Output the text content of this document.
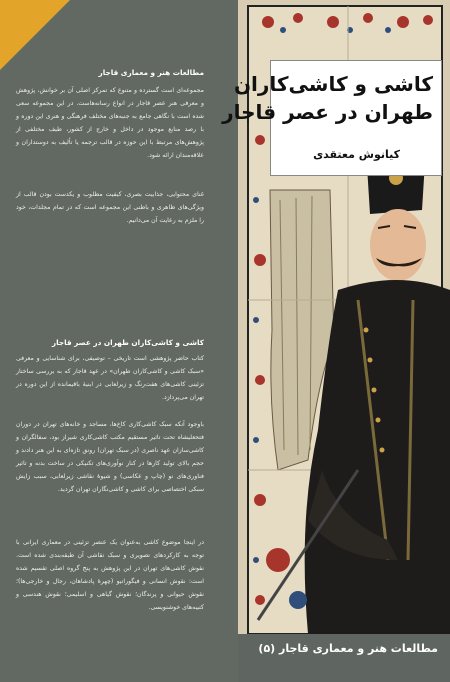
مطالعات هنر و معماری قاجار

مجموعه‌ای است گسترده و متنوع که تمرکز اصلی آن بر خوانش، پژوهش و معرفی هنر عصر قاجار در انواع رسانه‌هاست. در این مجموعه سعی شده است با نگاهی جامع به جنبه‌های مختلف فرهنگی و هنری این دوره و با رصد منابع موجود در داخل و خارج از کشور، طیف مختلفی از پژوهش‌های مرتبط با این حوزه در قالب ترجمه یا تألیف به دوستداران و علاقه‌مندان ارائه شود.

غنای محتوایی، جذابیت بصری، کیفیت مطلوب و یکدست بودن قالب از ویژگی‌های ظاهری و باطنی این مجموعه است که در تمام مجلدات، خود را ملزم به رعایت آن می‌دانیم.

کاشی و کاشی‌کاران طهران در عصر قاجار

کتاب حاضر پژوهشی است تاریخی – توصیفی، برای شناسایی و معرفی «سبک کاشی و کاشی‌کاران طهران» در عهد قاجار که به بررسی ساختار تزئینی کاشی‌های هفت‌رنگ و زیرلعابی در ابنیهٔ باقیمانده از این دوره در تهران می‌پردازد.

باوجود آنکه سبک کاشی‌کاری کاخ‌ها، مساجد و خانه‌های تهران در دوران فتحعلیشاه تحت تاثیر مستقیم مکتب کاشی‌کاری شیراز بود، سفالگران و کاشی‌سازان عهد ناصری (در سبک تهران) رونق تازه‌ای به این هنر دادند و حجم بالای تولید کار‌ها در کنار نوآوری‌های تکنیکی در ساخت بدنه و تاثیر فناوری‌های نو (چاپ و عکاسی) و شیوهٔ نقاشی زیرلعابی، سبب زایش سبکی اختصاصی برای کاشی و کاشی‌نگاران تهران گردید.

در اینجا موضوع کاشی به‌عنوان یک عنصر تزئینی در معماری ایرانی با توجه به کارکردهای تصویری و سبک نقاشی آن طبقه‌بندی شده است. نقوش کاشی‌های تهران در این پژوهش به پنج گروه اصلی تقسیم شده است: نقوش انسانی و فیگوراتیو (چهرهٔ پادشاهان، رجال و خارجی‌ها)؛ نقوش حیوانی و پرندگان؛ نقوش گیاهی و اسلیمی؛ نقوش هندسی و کتیبه‌های خوشنویسی.

کاشی و کاشی‌کاران
طهران در عصر قاجار
کیانوش معتقدی
مطالعات هنر و معماری قاجار (۵)
